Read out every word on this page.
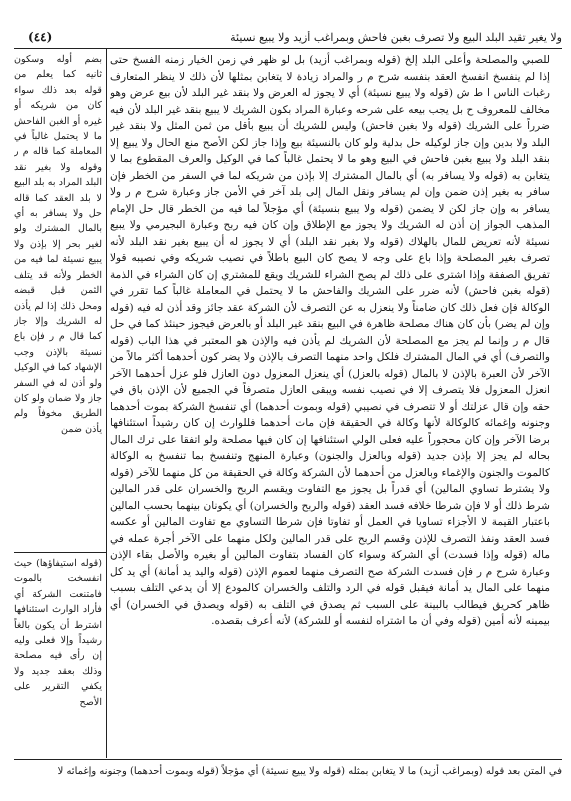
ولا يغير تقيد البلد البيع ولا تصرف بغبن فاحش وبمراغب أزيد ولا يبيع نسيئة
(٤٤)

للصبي والمصلحة وأعلى البلد إلخ (قوله وبمراغب أزيد) بل لو ظهر في زمن الخيار زمنه الفسخ حتى إذا لم ينفسخ انفسخ العقد بنفسه شرح م ر والمراد زيادة لا يتغابن بمثلها لأن ذلك لا ينظر المتعارف رغبات الناس ا ط ش (قوله ولا يبيع نسيئة) أي لا يجوز له العرض ولا بنقد غير البلد لأن بيع عرض وهو مخالف للمعروف ح بل يجب بيعه على شرحه وعبارة المراد بكون الشريك لا يبيع بنقد غير البلد لأن فيه ضرراً على الشريك (قوله ولا بغبن فاحش) وليس للشريك أن يبيع بأقل من ثمن المثل ولا بنقد غير البلد ولا بدين وإن جاز لوكيله حل بدلية ولو كان بالنسيئة بيع وإذا جاز لكن الأصح منع الحال ولا يبيع إلا بنقد البلد ولا يبيع بغبن فاحش في البيع وهو ما لا يحتمل غالباً كما في الوكيل والعرف المقطوع بما لا يتغابن به (قوله ولا يسافر به) أي بالمال المشترك إلا بإذن من شريكه لما في السفر من الخطر فإن سافر به بغير إذن ضمن وإن لم يسافر ونقل المال إلى بلد آخر في الأمن جاز وعبارة شرح م ر ولا يسافر به وإن جاز لكن لا يضمن (قوله ولا يبيع بنسيئة) أي مؤجلاً لما فيه من الخطر قال حل الإمام المذهب الجواز إن أذن له الشريك ولا يجوز مع الإطلاق وإن كان فيه ربح وعبارة البجيرمي ولا يبيع نسيئة لأنه تعريض للمال بالهلاك (قوله ولا بغير نقد البلد) أي لا يجوز له أن يبيع بغير نقد البلد لأنه تصرف بغير المصلحة وإذا باع على وجه لا يصح كان البيع باطلاً في نصيب شريكه وفي نصيبه قولا تفريق الصفقة وإذا اشترى على ذلك لم يصح الشراء للشريك ويقع للمشتري إن كان الشراء في الذمة (قوله بغبن فاحش) لأنه ضرر على الشريك والفاحش ما لا يحتمل في المعاملة غالباً كما تقرر في الوكالة فإن فعل ذلك كان ضامناً ولا ينعزل به عن التصرف لأن الشركة عقد جائز وقد أذن له فيه (قوله وإن لم يضر) بأن كان هناك مصلحة ظاهرة في البيع بنقد غير البلد أو بالعرض فيجوز حينئذ كما في حل قال م ر وإنما لم يجز مع المصلحة لأن الشريك لم يأذن فيه والإذن هو المعتبر في هذا الباب (قوله والتصرف) أي في المال المشترك فلكل واحد منهما التصرف بالإذن ولا يضر كون أحدهما أكثر مالاً من الآخر لأن العبرة بالإذن لا بالمال (قوله بالعزل) أي ينعزل المعزول دون العازل فلو عزل أحدهما الآخر انعزل المعزول فلا يتصرف إلا في نصيب نفسه ويبقى العازل متصرفاً في الجميع لأن الإذن باق في حقه وإن قال عزلتك أو لا تتصرف في نصيبي (قوله وبموت أحدهما) أي تنفسخ الشركة بموت أحدهما وجنونه وإغمائه كالوكالة لأنها وكالة في الحقيقة فإن مات أحدهما فللوارث إن كان رشيداً استئنافها برضا الآخر وإن كان محجوراً عليه فعلى الولي استئنافها إن كان فيها مصلحة ولو اتفقا على ترك المال بحاله لم يجز إلا بإذن جديد (قوله وبالعزل والجنون) وعبارة المنهج وتنفسخ بما تنفسخ به الوكالة كالموت والجنون والإغماء وبالعزل من أحدهما لأن الشركة وكالة في الحقيقة من كل منهما للآخر (قوله ولا يشترط تساوي المالين) أي قدراً بل يجوز مع التفاوت ويقسم الربح والخسران على قدر المالين شرط ذلك أو لا فإن شرطا خلافه فسد العقد (قوله والربح والخسران) أي يكونان بينهما بحسب المالين باعتبار القيمة لا الأجزاء تساويا في العمل أو تفاوتا فإن شرطا التساوي مع تفاوت المالين أو عكسه فسد العقد ونفذ التصرف للإذن وقسم الربح على قدر المالين ولكل منهما على الآخر أجرة عمله في ماله (قوله وإذا فسدت) أي الشركة وسواء كان الفساد بتفاوت المالين أو بغيره والأصل بقاء الإذن وعبارة شرح م ر فإن فسدت الشركة صح التصرف منهما لعموم الإذن (قوله واليد يد أمانة) أي يد كل منهما على المال يد أمانة فيقبل قوله في الرد والتلف والخسران كالمودع إلا أن يدعي التلف بسبب ظاهر كحريق فيطالب بالبينة على السبب ثم يصدق في التلف به (قوله ويصدق في الخسران) أي بيمينه لأنه أمين (قوله وفي أن ما اشتراه لنفسه أو للشركة) لأنه أعرف بقصده.

بضم أوله وسكون ثانيه كما يعلم من قوله بعد ذلك سواء كان من شريكه أو غيره أو الغبن الفاحش ما لا يحتمل غالباً في المعاملة كما قاله م ر وقوله ولا بغير نقد البلد المراد به بلد البيع لا بلد العقد كما قاله حل ولا يسافر به أي بالمال المشترك ولو لغير بحر إلا بإذن ولا يبيع نسيئة لما فيه من الخطر ولأنه قد يتلف الثمن قبل قبضه ومحل ذلك إذا لم يأذن له الشريك وإلا جاز كما قال م ر فإن باع نسيئة بالإذن وجب الإشهاد كما في الوكيل ولو أذن له في السفر جاز ولا ضمان ولو كان الطريق مخوفاً ولم يأذن ضمن

(قوله استيفاؤها) حيث انفسخت بالموت فامتنعت الشركة أي فأراد الوارث استئنافها اشترط أن يكون بالغاً رشيداً وإلا فعلى وليه إن رأى فيه مصلحة وذلك بعقد جديد ولا يكفي التقرير على الأصح

في المتن بعد قوله (وبمراغب أزيد) ما لا يتغابن بمثله (قوله ولا يبيع نسيئة) أي مؤجلاً (قوله وبموت أحدهما) وجنونه وإغمائه لا
